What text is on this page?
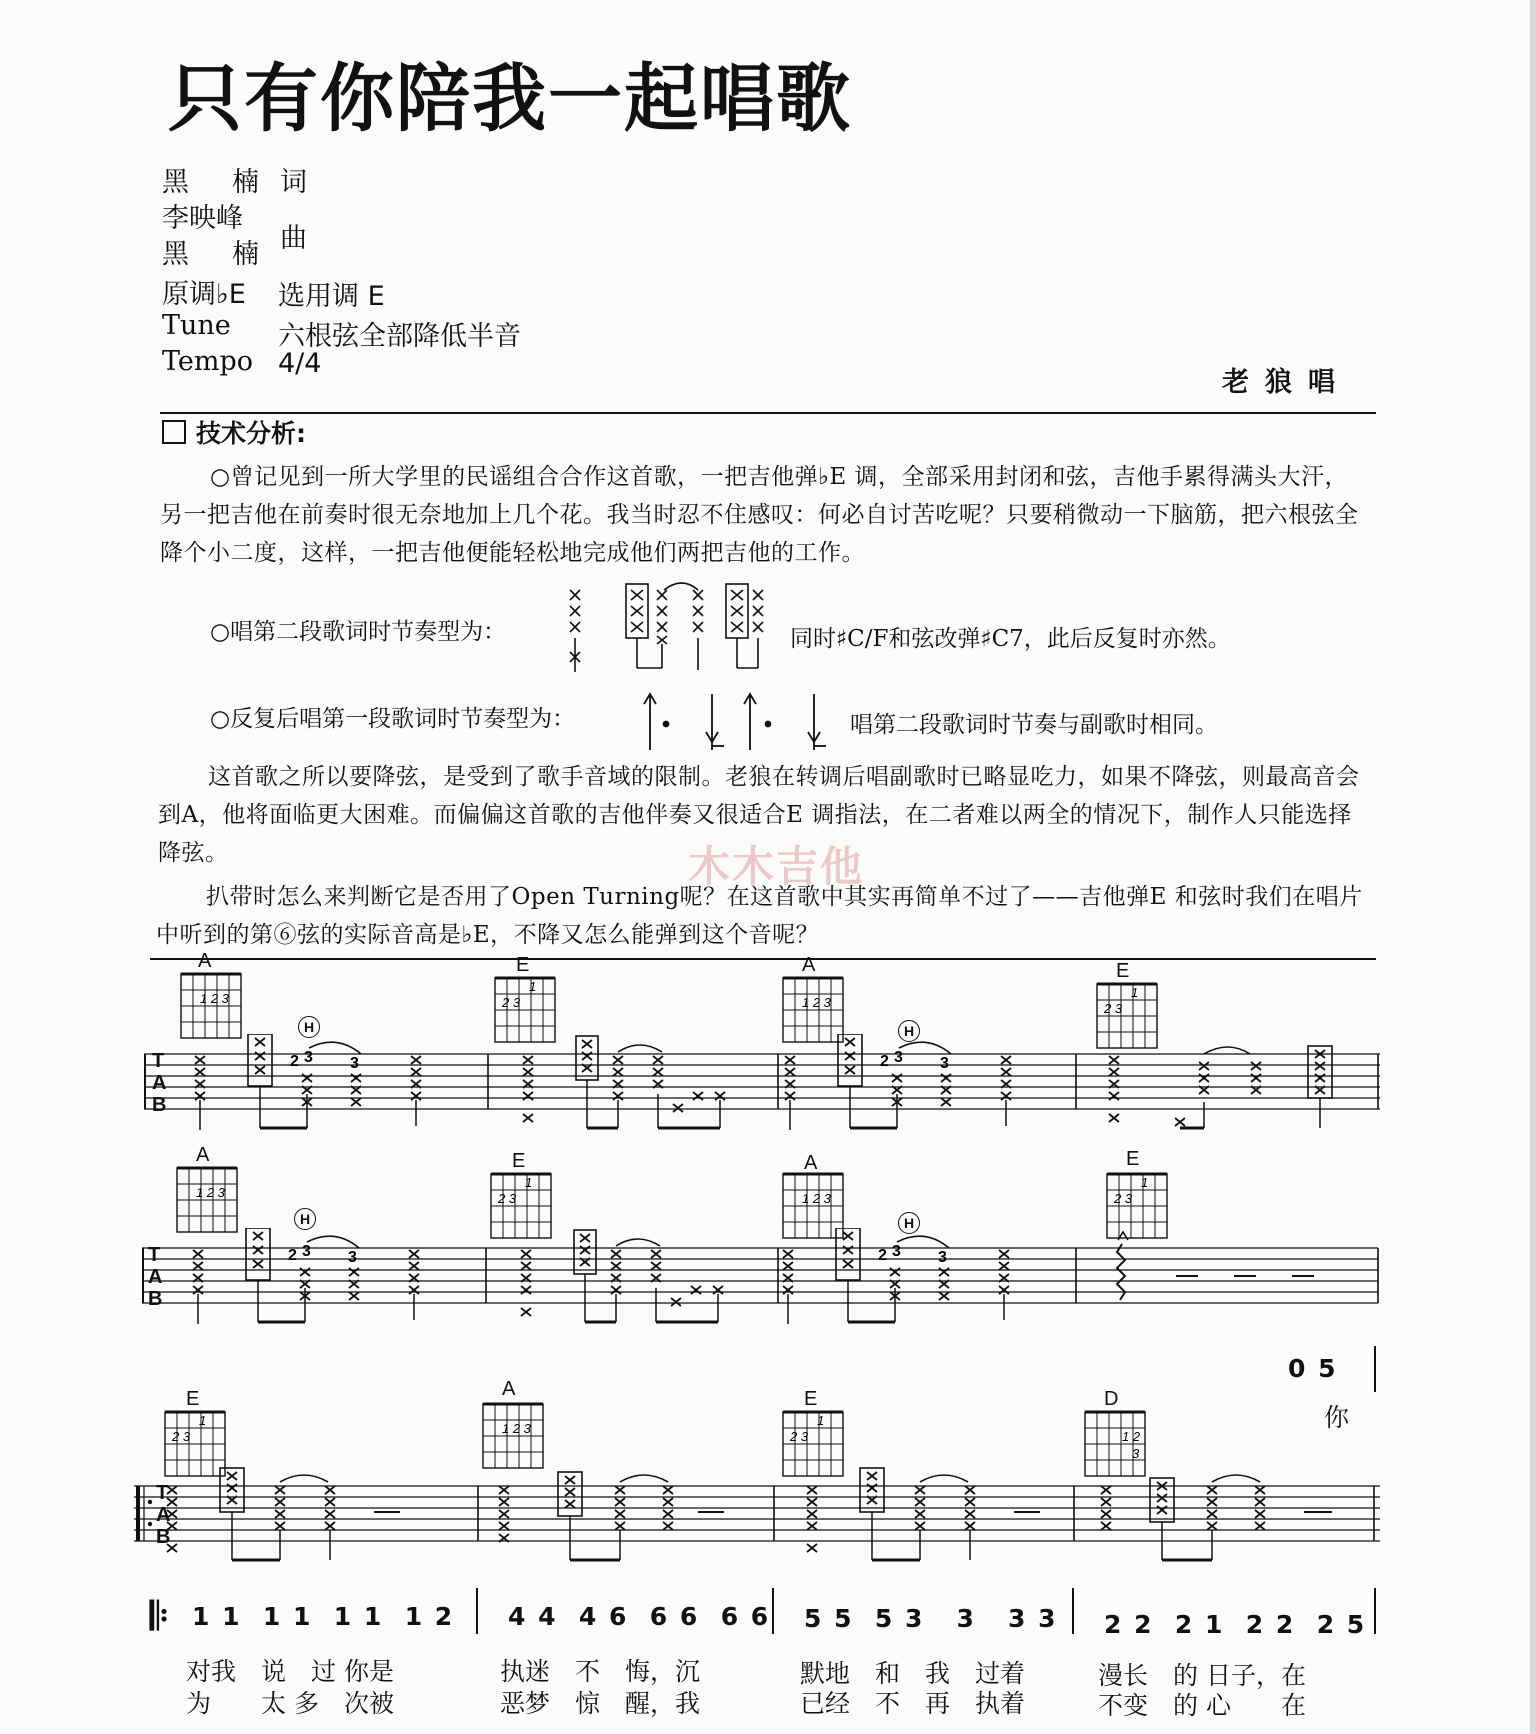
只有你陪我一起唱歌
黑　楠 词
李映峰
黑　楠
曲
原调♭E 选用调 E
Tune 六根弦全部降低半音
Tempo 4/4
老狼唱
技术分析:
○曾记见到一所大学里的民谣组合合作这首歌，一把吉他弹♭E 调，全部采用封闭和弦，吉他手累得满头大汗，另一把吉他在前奏时很无奈地加上几个花。我当时忍不住感叹：何必自讨苦吃呢？只要稍微动一下脑筋，把六根弦全降个小二度，这样，一把吉他便能轻松地完成他们两把吉他的工作。
○唱第二段歌词时节奏型为：	同时♯C/F和弦改弹♯C7，此后反复时亦然。
○反复后唱第一段歌词时节奏型为：	唱第二段歌词时节奏与副歌时相同。
这首歌之所以要降弦，是受到了歌手音域的限制。老狼在转调后唱副歌时已略显吃力，如果不降弦，则最高音会到A，他将面临更大困难。而偏偏这首歌的吉他伴奏又很适合E 调指法，在二者难以两全的情况下，制作人只能选择降弦。	木木吉他
扒带时怎么来判断它是否用了Open Turning呢？在这首歌中其实再简单不过了——吉他弹E 和弦时我们在唱片中听到的第⑥弦的实际音高是♭E，不降又怎么能弹到这个音呢？
A	E	A	E
A	E	A	E
0 5
你
E	A	E	D
T
A
B
T
A
B
T
A
B
H	H
H	H
𝄆 1 1  1 1  1 1  1 2 4 4  4 6  6 6  6 6 5 5  5 3   3   3 3 2 2  2 1  2 2  2 5
对我　说　过 你是	执迷　不　悔，沉	默地　和　我　过着	漫长　的 日子，在
为　　太 多　次被	恶梦　惊　醒，我	已经　不　再　执着	不变　的 心　　在
